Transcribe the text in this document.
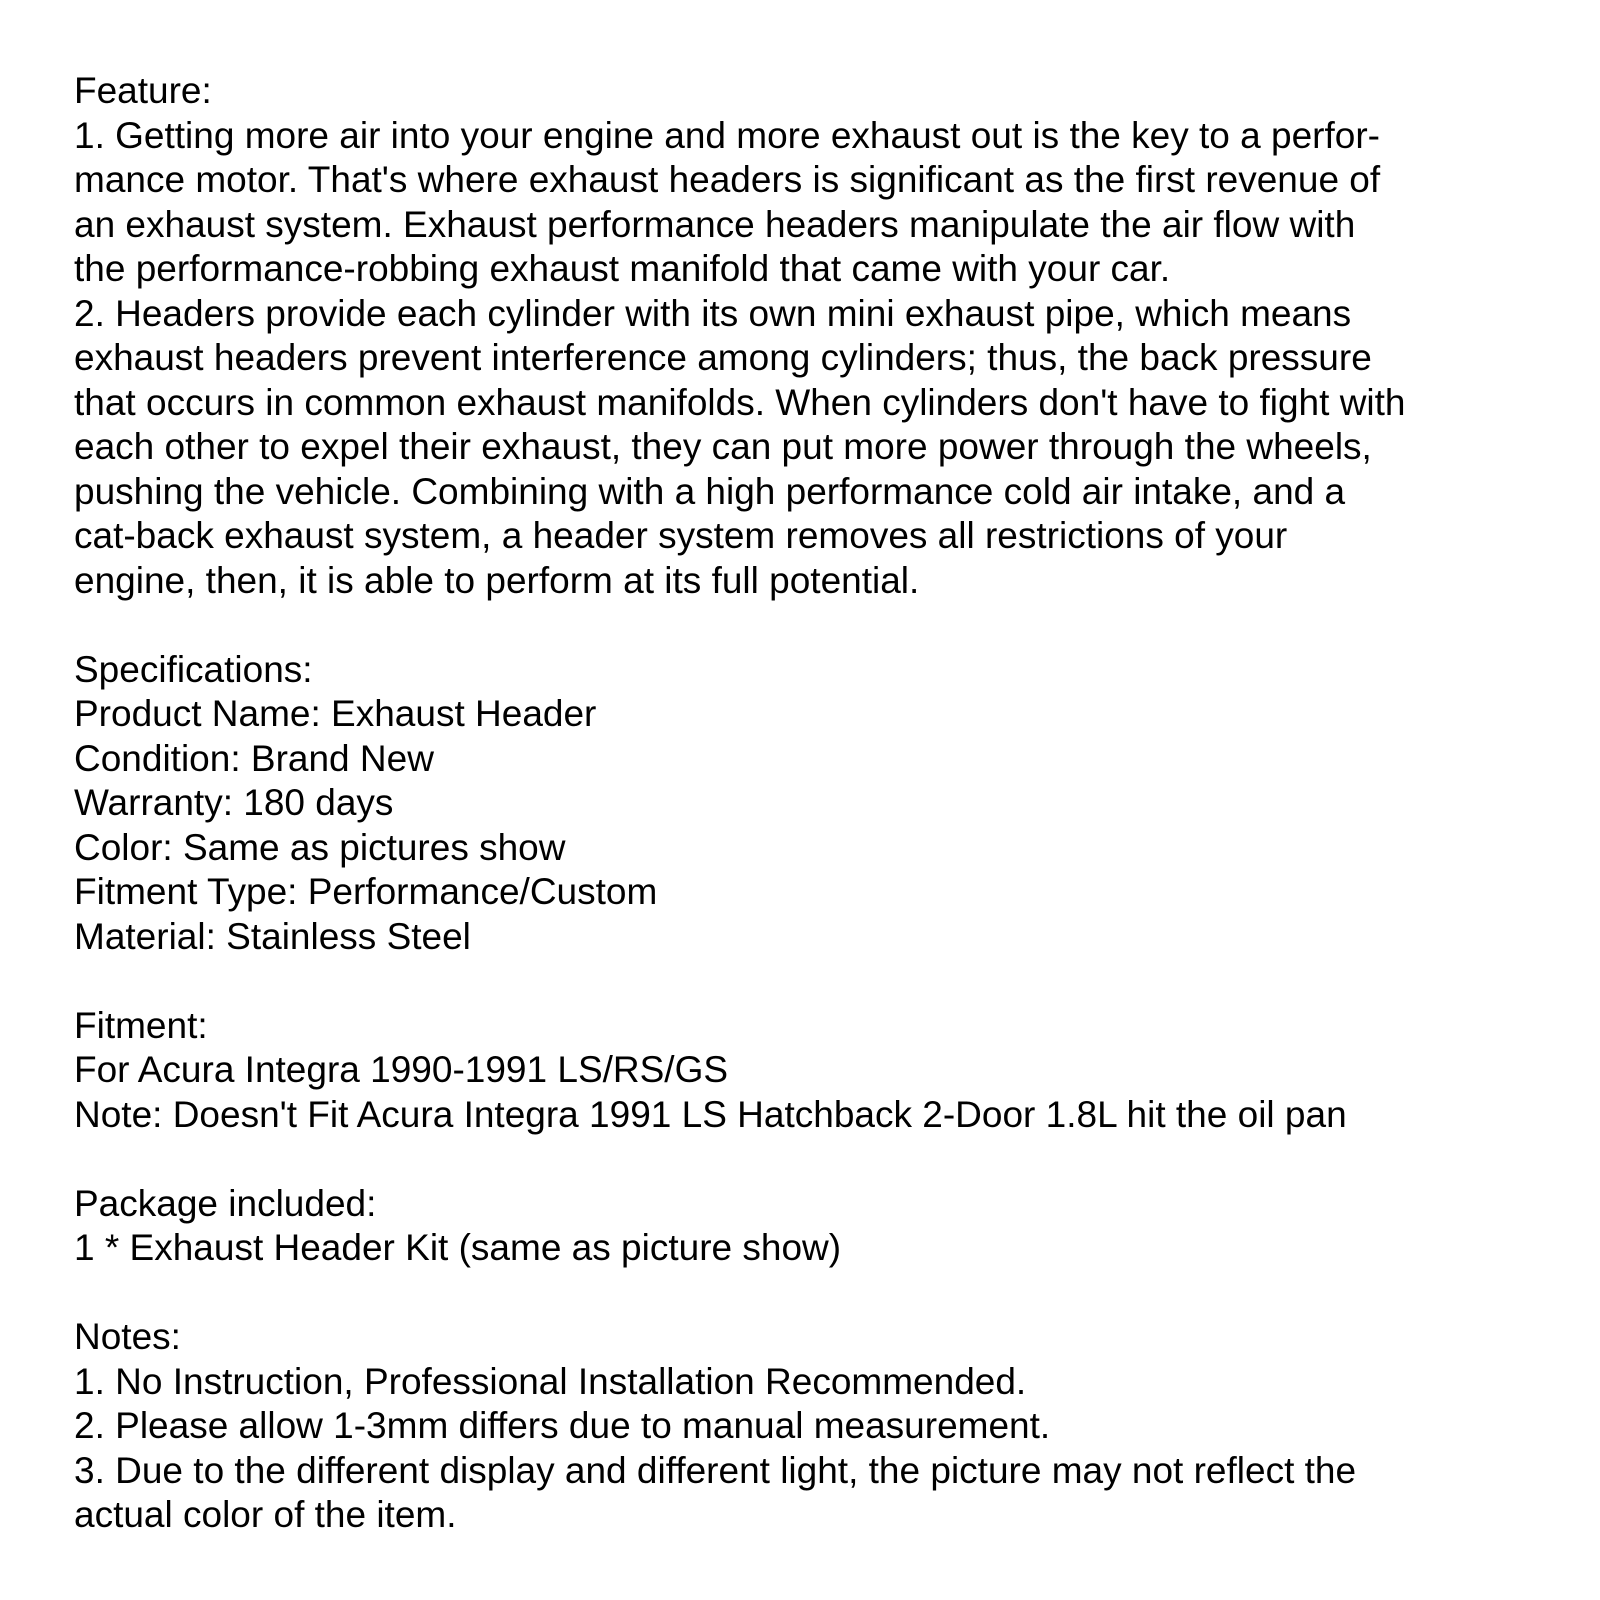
Feature:
1. Getting more air into your engine and more exhaust out is the key to a perfor-
mance motor. That's where exhaust headers is significant as the first revenue of
an exhaust system. Exhaust performance headers manipulate the air flow with
the performance-robbing exhaust manifold that came with your car.
2. Headers provide each cylinder with its own mini exhaust pipe, which means
exhaust headers prevent interference among cylinders; thus, the back pressure
that occurs in common exhaust manifolds. When cylinders don't have to fight with
each other to expel their exhaust, they can put more power through the wheels,
pushing the vehicle. Combining with a high performance cold air intake, and a
cat-back exhaust system, a header system removes all restrictions of your
engine, then, it is able to perform at its full potential.
Specifications:
Product Name: Exhaust Header
Condition: Brand New
Warranty: 180 days
Color: Same as pictures show
Fitment Type: Performance/Custom
Material: Stainless Steel
Fitment:
For Acura Integra 1990-1991 LS/RS/GS
Note: Doesn't Fit Acura Integra 1991 LS Hatchback 2-Door 1.8L hit the oil pan
Package included:
1 * Exhaust Header Kit (same as picture show)
Notes:
1. No Instruction, Professional Installation Recommended.
2. Please allow 1-3mm differs due to manual measurement.
3. Due to the different display and different light, the picture may not reflect the
actual color of the item.
